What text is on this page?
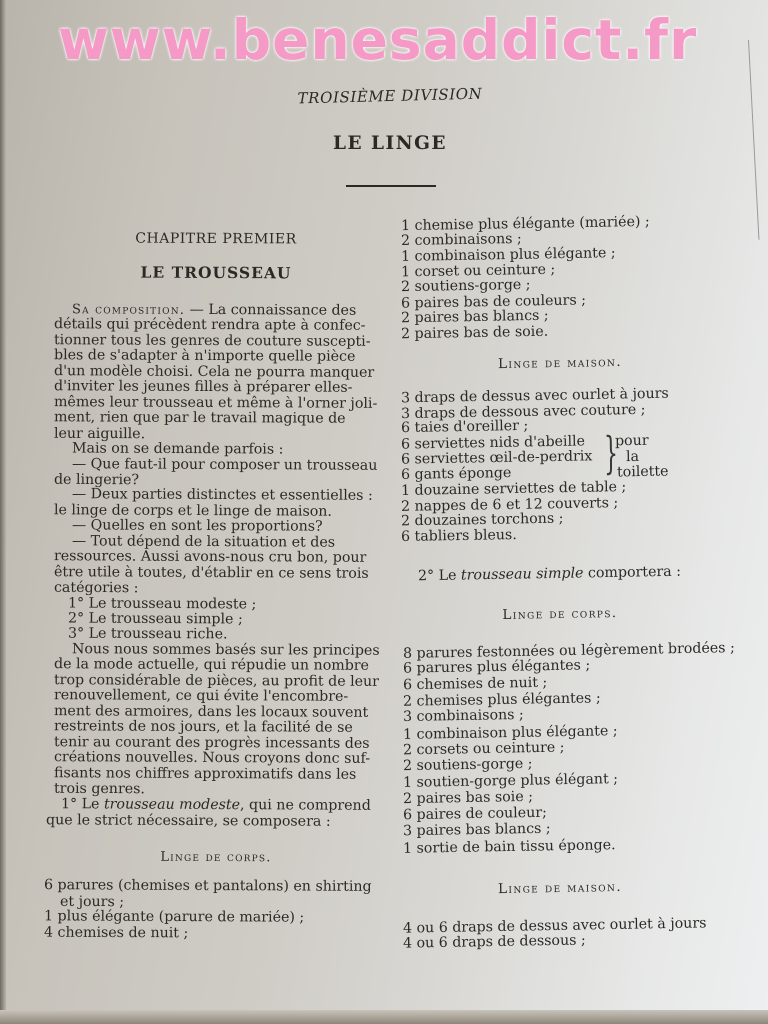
www.benesaddict.fr
TROISIÈME DIVISION
LE LINGE
CHAPITRE PREMIER
LE TROUSSEAU
Sa composition. — La connaissance des
détails qui précèdent rendra apte à confec-
tionner tous les genres de couture suscepti-
bles de s'adapter à n'importe quelle pièce
d'un modèle choisi. Cela ne pourra manquer
d'inviter les jeunes filles à préparer elles-
mêmes leur trousseau et même à l'orner joli-
ment, rien que par le travail magique de
leur aiguille.
Mais on se demande parfois :
— Que faut-il pour composer un trousseau
de lingerie?
— Deux parties distinctes et essentielles :
le linge de corps et le linge de maison.
— Quelles en sont les proportions?
— Tout dépend de la situation et des
ressources. Aussi avons-nous cru bon, pour
être utile à toutes, d'établir en ce sens trois
catégories :
1° Le trousseau modeste ;
2° Le trousseau simple ;
3° Le trousseau riche.
Nous nous sommes basés sur les principes
de la mode actuelle, qui répudie un nombre
trop considérable de pièces, au profit de leur
renouvellement, ce qui évite l'encombre-
ment des armoires, dans les locaux souvent
restreints de nos jours, et la facilité de se
tenir au courant des progrès incessants des
créations nouvelles. Nous croyons donc suf-
fisants nos chiffres approximatifs dans les
trois genres.
1° Le trousseau modeste, qui ne comprend
que le strict nécessaire, se composera :
Linge de corps.
6 parures (chemises et pantalons) en shirting
et jours ;
1 plus élégante (parure de mariée) ;
4 chemises de nuit ;
1 chemise plus élégante (mariée) ;
2 combinaisons ;
1 combinaison plus élégante ;
1 corset ou ceinture ;
2 soutiens-gorge ;
6 paires bas de couleurs ;
2 paires bas blancs ;
2 paires bas de soie.
Linge de maison.
3 draps de dessus avec ourlet à jours
3 draps de dessous avec couture ;
6 taies d'oreiller ;
6 serviettes nids d'abeille
6 serviettes œil-de-perdrix
6 gants éponge
1 douzaine serviettes de table ;
2 nappes de 6 et 12 couverts ;
2 douzaines torchons ;
6 tabliers bleus.
}
pour
la
toilette
2° Le trousseau simple comportera :
Linge de corps.
8 parures festonnées ou légèrement brodées ;
6 parures plus élégantes ;
6 chemises de nuit ;
2 chemises plus élégantes ;
3 combinaisons ;
1 combinaison plus élégante ;
2 corsets ou ceinture ;
2 soutiens-gorge ;
1 soutien-gorge plus élégant ;
2 paires bas soie ;
6 paires de couleur;
3 paires bas blancs ;
1 sortie de bain tissu éponge.
Linge de maison.
4 ou 6 draps de dessus avec ourlet à jours
4 ou 6 draps de dessous ;
